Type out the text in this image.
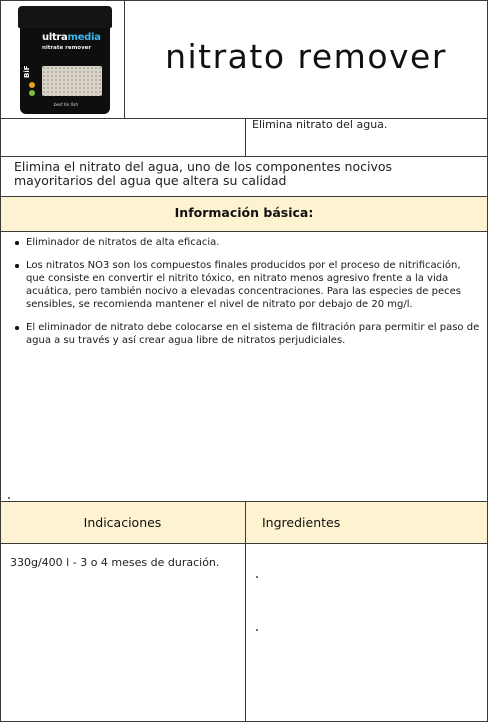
BiF
ultramedia
nitrate remover
best for fish
nitrato remover
Elimina nitrato del agua.
Elimina el nitrato del agua, uno de los componentes nocivos mayoritarios del agua que altera su calidad
Información básica:
Eliminador de nitratos de alta eficacia.
Los nitratos NO3 son los compuestos finales producidos por el proceso de nitrificación, que consiste en convertir el nitrito tóxico, en nitrato menos agresivo frente a la vida acuática, pero también nocivo a elevadas concentraciones. Para las especies de peces sensibles, se recomienda mantener el nivel de nitrato por debajo de 20 mg/l.
El eliminador de nitrato debe colocarse en el sistema de filtración para permitir el paso de agua a su través y así crear agua libre de nitratos perjudiciales.
Indicaciones	Ingredientes
330g/400 l - 3 o 4 meses de duración.
